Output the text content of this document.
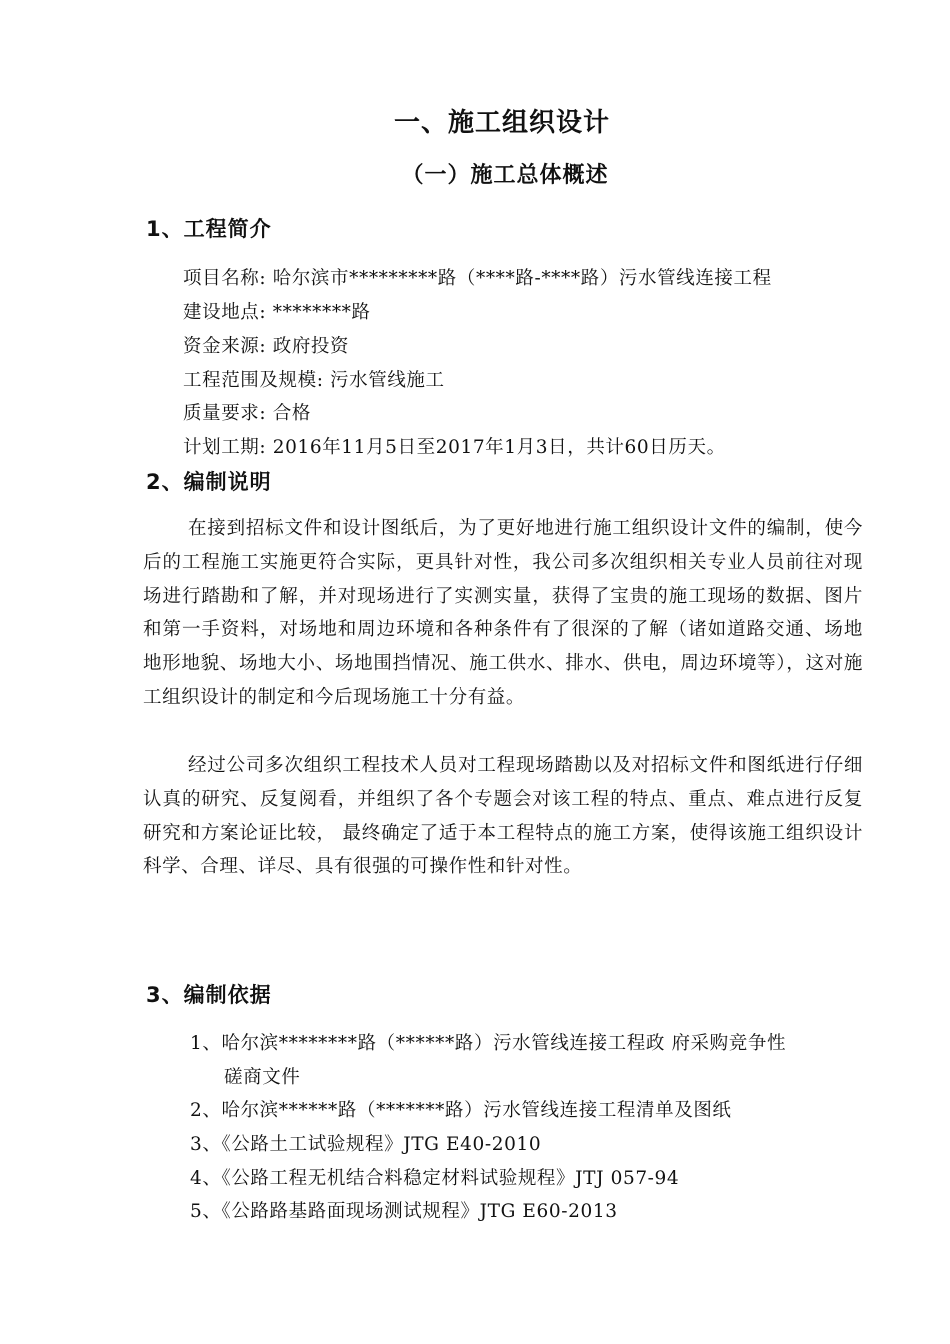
一、施工组织设计
（一）施工总体概述
1、工程简介
项目名称: 哈尔滨市*********路（****路-****路）污水管线连接工程
建设地点: ********路
资金来源: 政府投资
工程范围及规模: 污水管线施工
质量要求: 合格
计划工期: 2016年11月5日至2017年1月3日，共计60日历天。
2、编制说明
在接到招标文件和设计图纸后，为了更好地进行施工组织设计文件的编制，使今后的工程施工实施更符合实际，更具针对性，我公司多次组织相关专业人员前往对现场进行踏勘和了解，并对现场进行了实测实量，获得了宝贵的施工现场的数据、图片和第一手资料，对场地和周边环境和各种条件有了很深的了解（诸如道路交通、场地地形地貌、场地大小、场地围挡情况、施工供水、排水、供电，周边环境等），这对施工组织设计的制定和今后现场施工十分有益。
经过公司多次组织工程技术人员对工程现场踏勘以及对招标文件和图纸进行仔细认真的研究、反复阅看，并组织了各个专题会对该工程的特点、重点、难点进行反复研究和方案论证比较， 最终确定了适于本工程特点的施工方案，使得该施工组织设计科学、合理、详尽、具有很强的可操作性和针对性。
3、编制依据
1、哈尔滨********路（******路）污水管线连接工程政 府采购竞争性
磋商文件
2、哈尔滨******路（*******路）污水管线连接工程清单及图纸
3、《公路土工试验规程》JTG E40-2010
4、《公路工程无机结合料稳定材料试验规程》JTJ 057-94
5、《公路路基路面现场测试规程》JTG E60-2013
